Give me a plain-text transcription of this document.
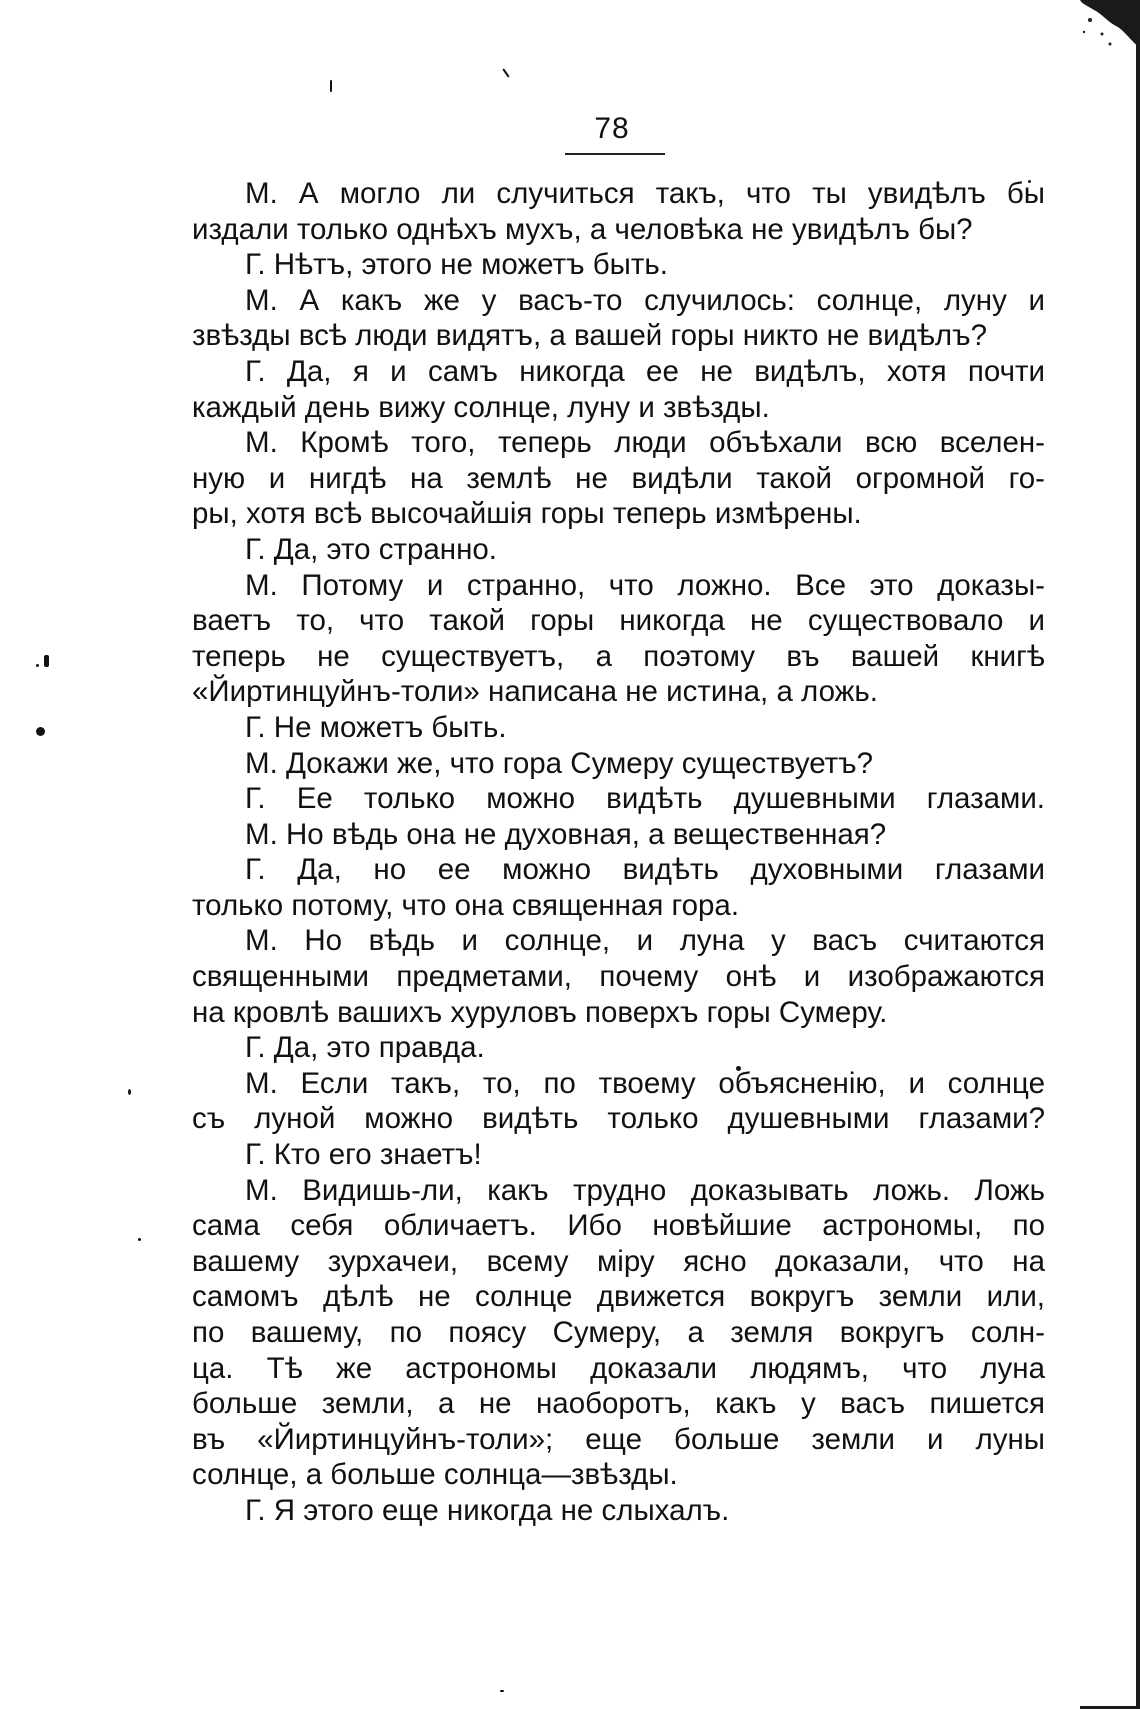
78
М. А могло ли случиться такъ, что ты увидѣлъ бы
издали только однѣхъ мухъ, а человѣка не увидѣлъ бы?
Г. Нѣтъ, этого не можетъ быть.
М. А какъ же у васъ-то случилось: солнце, луну и
звѣзды всѣ люди видятъ, а вашей горы никто не видѣлъ?
Г. Да, я и самъ никогда ее не видѣлъ, хотя почти
каждый день вижу солнце, луну и звѣзды.
М. Кромѣ того, теперь люди объѣхали всю вселен-
ную и нигдѣ на землѣ не видѣли такой огромной го-
ры, хотя всѣ высочайшія горы теперь измѣрены.
Г. Да, это странно.
М. Потому и странно, что ложно. Все это доказы-
ваетъ то, что такой горы никогда не существовало и
теперь не существуетъ, а поэтому въ вашей книгѣ
«Йиртинцуйнъ-толи» написана не истина, а ложь.
Г. Не можетъ быть.
М. Докажи же, что гора Сумеру существуетъ?
Г. Ее только можно видѣть душевными глазами.
М. Но вѣдь она не духовная, а вещественная?
Г. Да, но ее можно видѣть духовными глазами
только потому, что она священная гора.
М. Но вѣдь и солнце, и луна у васъ считаются
священными предметами, почему онѣ и изображаются
на кровлѣ вашихъ хуруловъ поверхъ горы Сумеру.
Г. Да, это правда.
М. Если такъ, то, по твоему объясненію, и солнце
съ луной можно видѣть только душевными глазами?
Г. Кто его знаетъ!
М. Видишь-ли, какъ трудно доказывать ложь. Ложь
сама себя обличаетъ. Ибо новѣйшие астрономы, по
вашему зурхачеи, всему міру ясно доказали, что на
самомъ дѣлѣ не солнце движется вокругъ земли или,
по вашему, по поясу Сумеру, а земля вокругъ солн-
ца. Тѣ же астрономы доказали людямъ, что луна
больше земли, а не наоборотъ, какъ у васъ пишется
въ «Йиртинцуйнъ-толи»; еще больше земли и луны
солнце, а больше солнца—звѣзды.
Г. Я этого еще никогда не слыхалъ.
